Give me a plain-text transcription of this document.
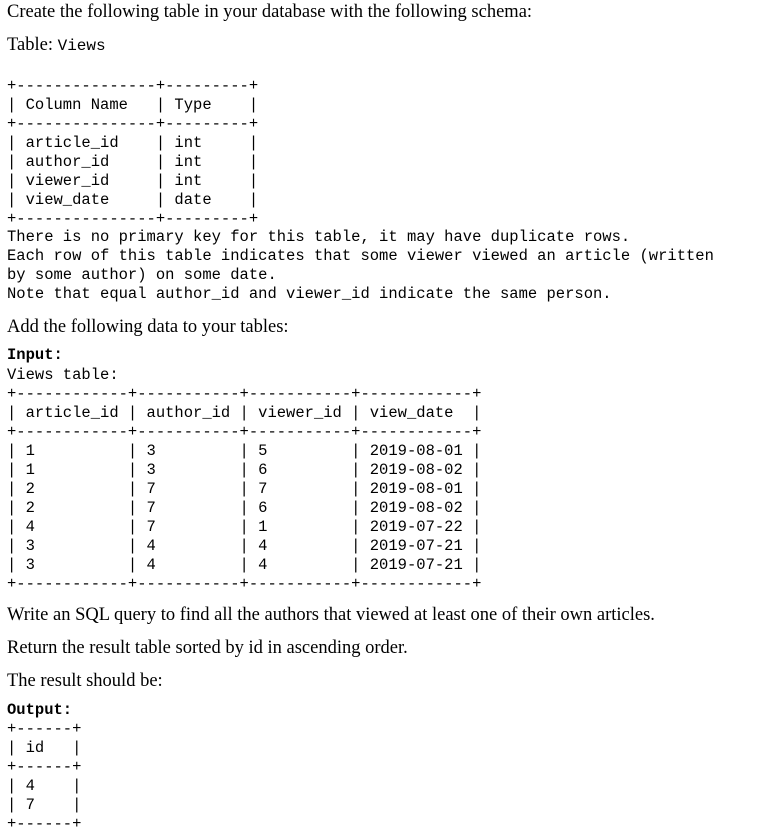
Create the following table in your database with the following schema:

Table: Views

+---------------+---------+
| Column Name   | Type    |
+---------------+---------+
| article_id    | int     |
| author_id     | int     |
| viewer_id     | int     |
| view_date     | date    |
+---------------+---------+
There is no primary key for this table, it may have duplicate rows.
Each row of this table indicates that some viewer viewed an article (written
by some author) on some date.
Note that equal author_id and viewer_id indicate the same person.

Add the following data to your tables:

Input:
Views table:
+------------+-----------+-----------+------------+
| article_id | author_id | viewer_id | view_date  |
+------------+-----------+-----------+------------+
| 1          | 3         | 5         | 2019-08-01 |
| 1          | 3         | 6         | 2019-08-02 |
| 2          | 7         | 7         | 2019-08-01 |
| 2          | 7         | 6         | 2019-08-02 |
| 4          | 7         | 1         | 2019-07-22 |
| 3          | 4         | 4         | 2019-07-21 |
| 3          | 4         | 4         | 2019-07-21 |
+------------+-----------+-----------+------------+

Write an SQL query to find all the authors that viewed at least one of their own articles.

Return the result table sorted by id in ascending order.

The result should be:

Output:
+------+
| id   |
+------+
| 4    |
| 7    |
+------+
